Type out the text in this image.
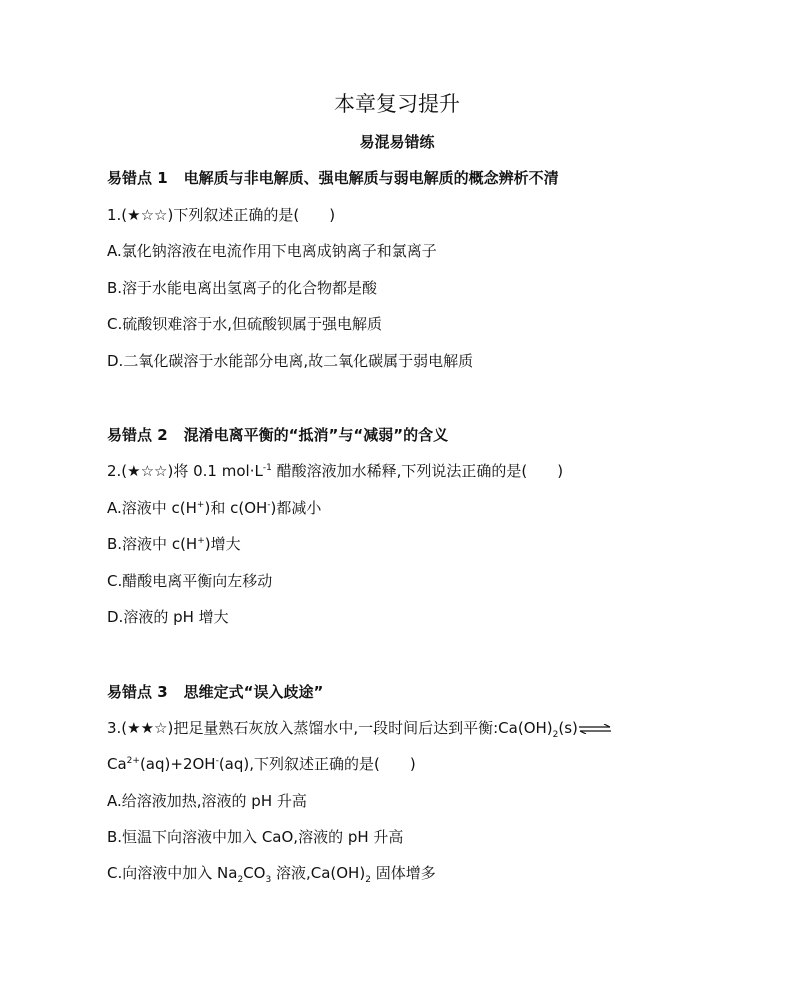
本章复习提升
易混易错练
易错点 1 电解质与非电解质、强电解质与弱电解质的概念辨析不清
1.(★☆☆)下列叙述正确的是(　　)
A.氯化钠溶液在电流作用下电离成钠离子和氯离子
B.溶于水能电离出氢离子的化合物都是酸
C.硫酸钡难溶于水,但硫酸钡属于强电解质
D.二氧化碳溶于水能部分电离,故二氧化碳属于弱电解质
易错点 2 混淆电离平衡的“抵消”与“减弱”的含义
2.(★☆☆)将 0.1 $mol\cdot L^{-1}$ 醋酸溶液加水稀释,下列说法正确的是(　　)
A.溶液中 c(H+)和 c(OH-)都减小
B.溶液中 c(H+)增大
C.醋酸电离平衡向左移动
D.溶液的 pH 增大
易错点 3 思维定式“误入歧途”
3.(★★☆)把足量熟石灰放入蒸馏水中,一段时间后达到平衡$:Ca(OH)_2(s)\rightleftharpoons$
$Ca^{2+}(aq)+2OH^-(aq)$,下列叙述正确的是(　　)
A.给溶液加热,溶液的 pH 升高
B.恒温下向溶液中加入 CaO,溶液的 pH 升高
C.向溶液中加入 $Na_2CO_3$ 溶液$,Ca(OH)_2$ 固体增多
